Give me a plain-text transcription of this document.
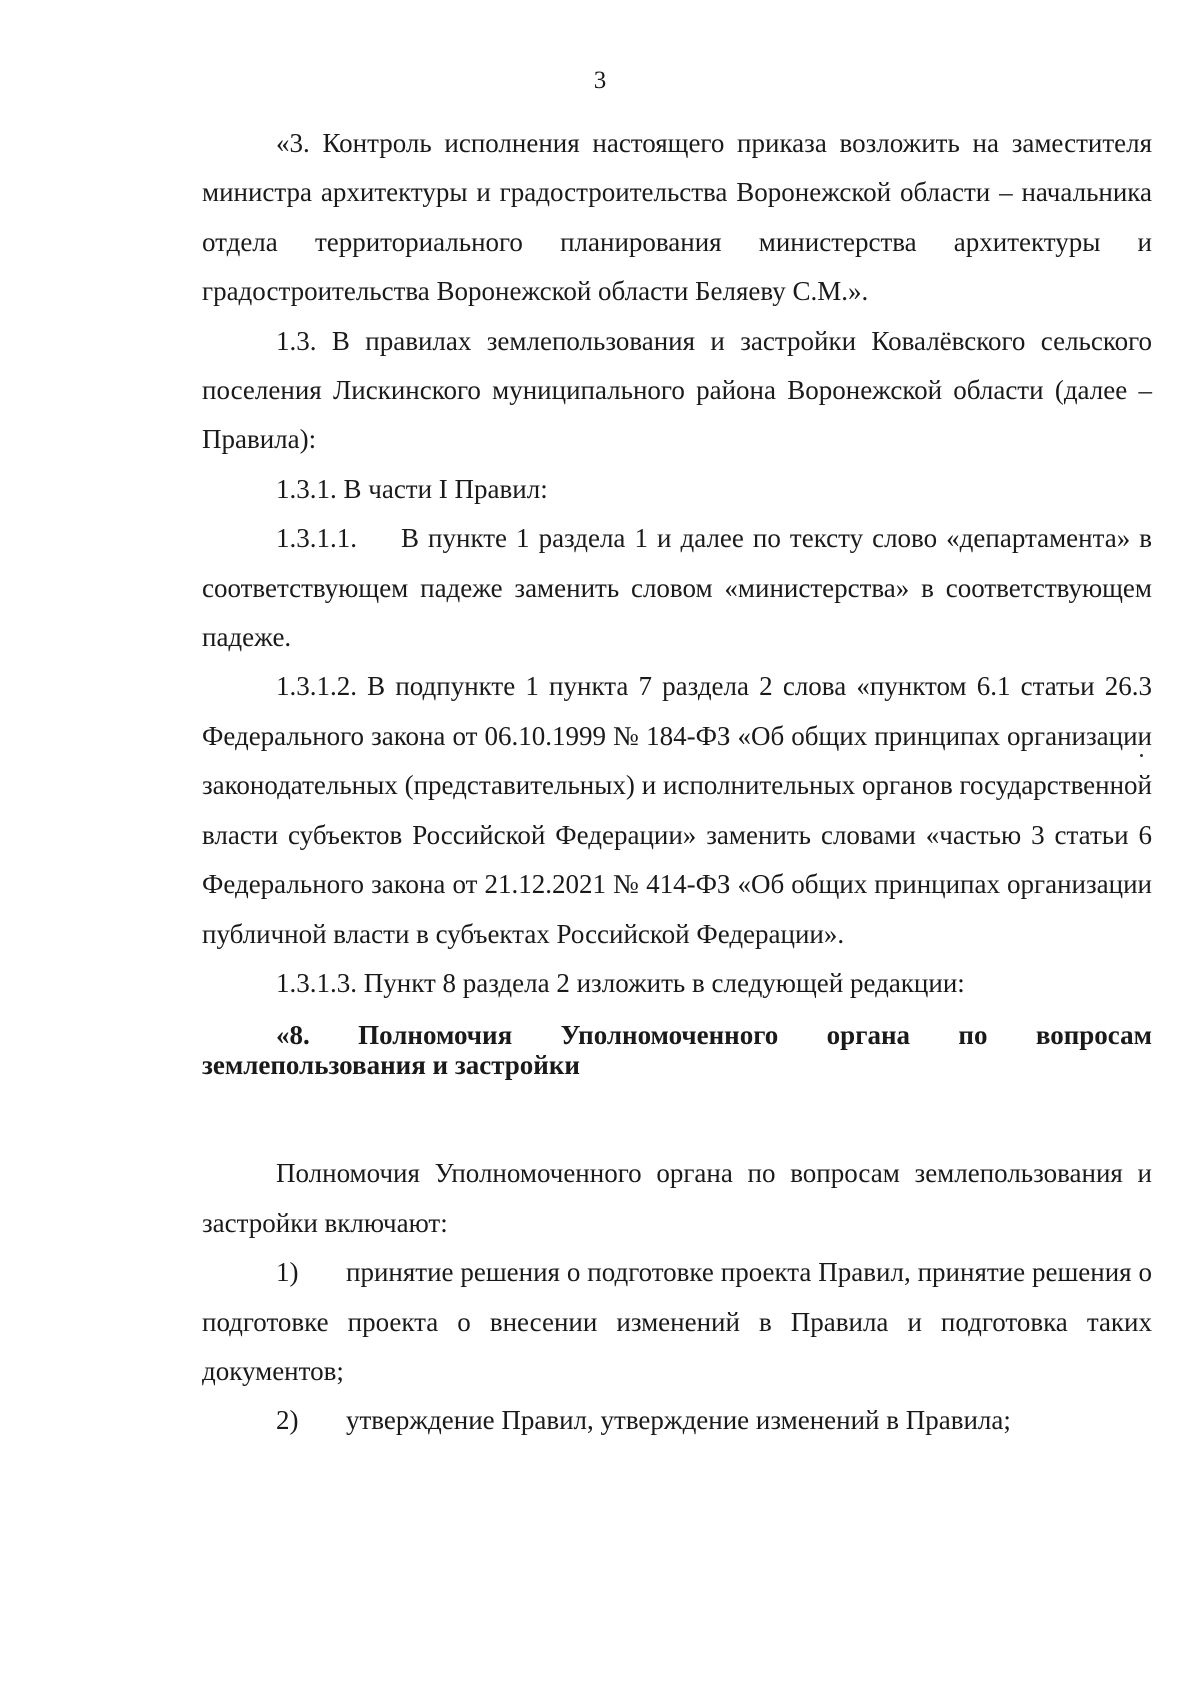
3

«3. Контроль исполнения настоящего приказа возложить на заместителя министра архитектуры и градостроительства Воронежской области – начальника отдела территориального планирования министерства архитектуры и градостроительства Воронежской области Беляеву С.М.».

1.3. В правилах землепользования и застройки Ковалёвского сельского поселения Лискинского муниципального района Воронежской области (далее – Правила):

1.3.1. В части I Правил:

1.3.1.1. В пункте 1 раздела 1 и далее по тексту слово «департамента» в соответствующем падеже заменить словом «министерства» в соответствующем падеже.

1.3.1.2. В подпункте 1 пункта 7 раздела 2 слова «пунктом 6.1 статьи 26.3 Федерального закона от 06.10.1999 № 184-ФЗ «Об общих принципах организации законодательных (представительных) и исполнительных органов государственной власти субъектов Российской Федерации» заменить словами «частью 3 статьи 6 Федерального закона от 21.12.2021 № 414-ФЗ «Об общих принципах организации публичной власти в субъектах Российской Федерации».

1.3.1.3. Пункт 8 раздела 2 изложить в следующей редакции:

«8. Полномочия Уполномоченного органа по вопросам землепользования и застройки

Полномочия Уполномоченного органа по вопросам землепользования и застройки включают:

1) принятие решения о подготовке проекта Правил, принятие решения о подготовке проекта о внесении изменений в Правила и подготовка таких документов;

2) утверждение Правил, утверждение изменений в Правила;
